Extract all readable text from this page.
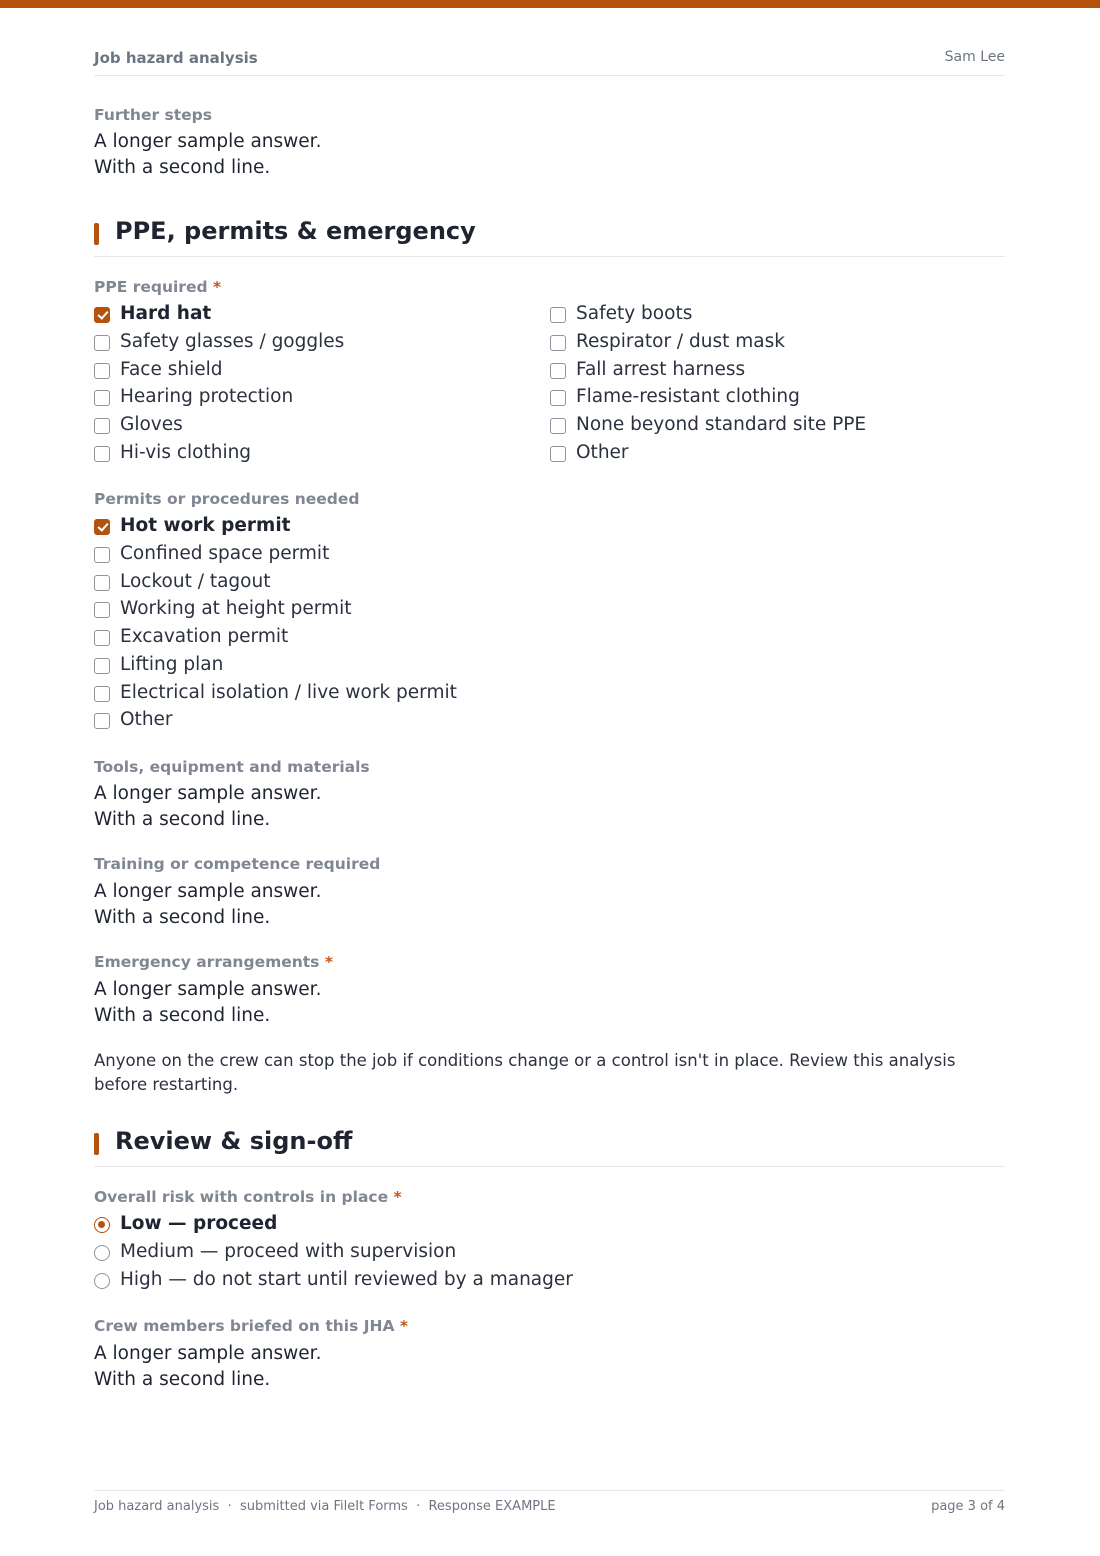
Job hazard analysis	Sam Lee
Further steps
A longer sample answer.
With a second line.
PPE, permits & emergency
PPE required *
Hard hat
Safety glasses / goggles
Face shield
Hearing protection
Gloves
Hi-vis clothing
Safety boots
Respirator / dust mask
Fall arrest harness
Flame-resistant clothing
None beyond standard site PPE
Other
Permits or procedures needed
Hot work permit
Confined space permit
Lockout / tagout
Working at height permit
Excavation permit
Lifting plan
Electrical isolation / live work permit
Other
Tools, equipment and materials
A longer sample answer.
With a second line.
Training or competence required
A longer sample answer.
With a second line.
Emergency arrangements *
A longer sample answer.
With a second line.
Anyone on the crew can stop the job if conditions change or a control isn't in place. Review this analysis before restarting.
Review & sign-off
Overall risk with controls in place *
Low — proceed
Medium — proceed with supervision
High — do not start until reviewed by a manager
Crew members briefed on this JHA *
A longer sample answer.
With a second line.
Job hazard analysis  ·  submitted via FileIt Forms  ·  Response EXAMPLE	page 3 of 4
